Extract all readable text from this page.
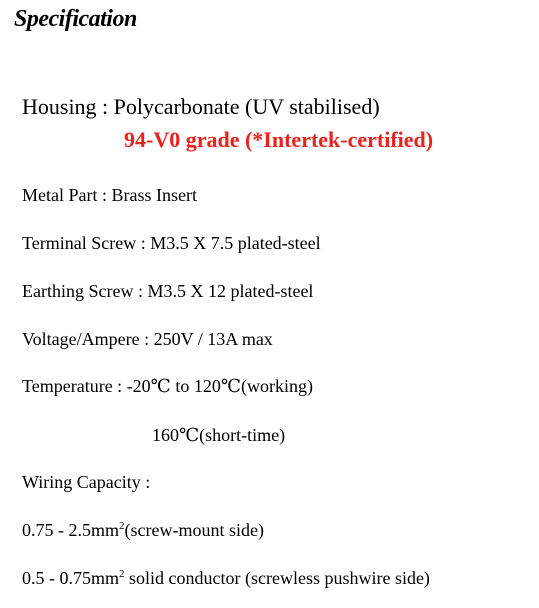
Specification
Housing : Polycarbonate (UV stabilised)
94-V0 grade (*Intertek-certified)
Metal Part : Brass Insert
Terminal Screw : M3.5 X 7.5 plated-steel
Earthing Screw : M3.5 X 12 plated-steel
Voltage/Ampere : 250V / 13A max
Temperature : -20℃ to 120℃(working)
160℃(short-time)
Wiring Capacity :
$0.75 - 2.5mm^2(screw$-mount side)
$0.5 - 0.75mm^2$ solid conductor (screwless pushwire side)
